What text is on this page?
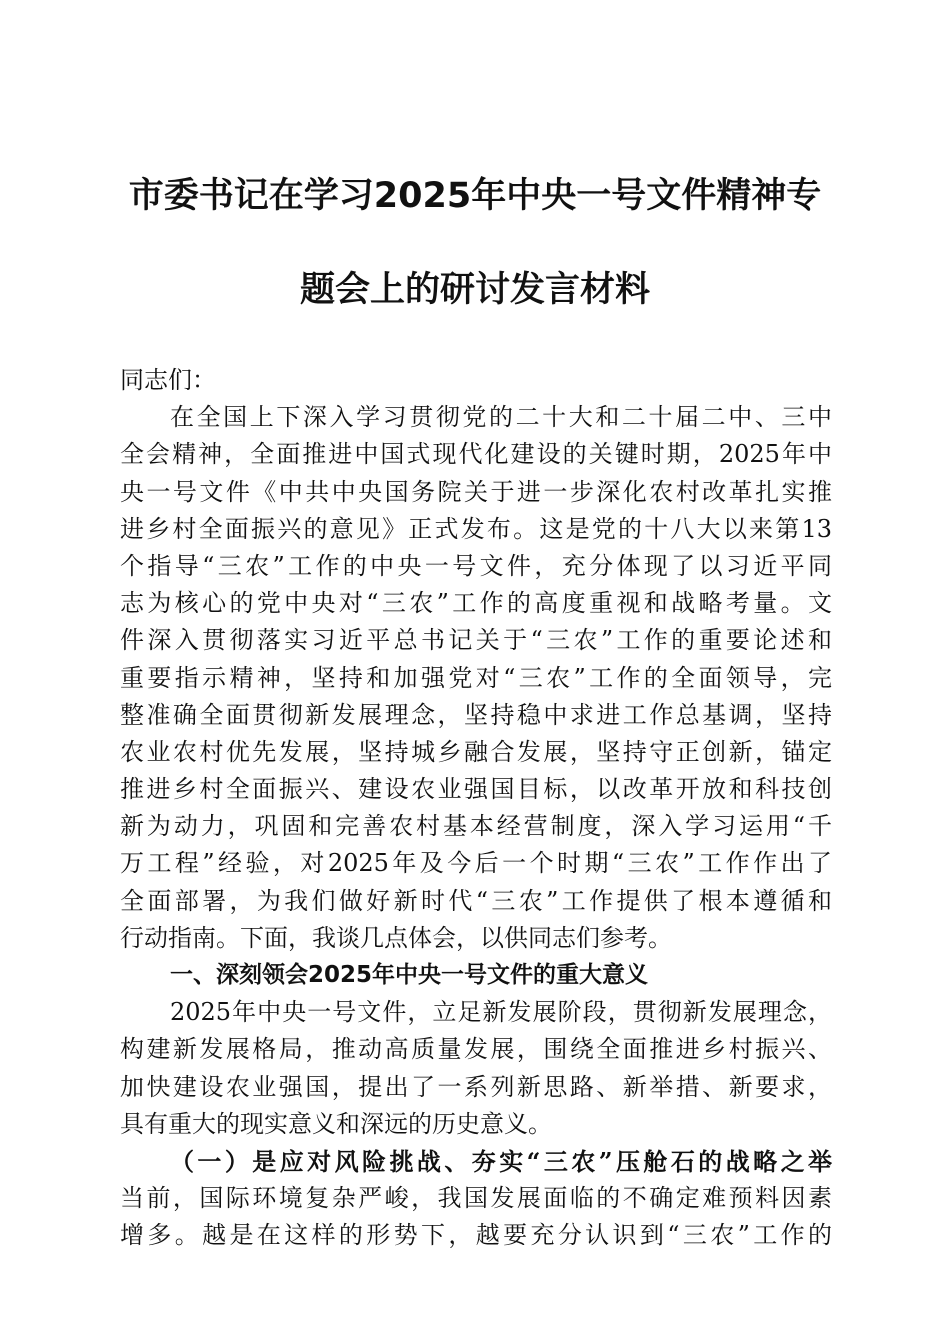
市委书记在学习2025年中央一号文件精神专
题会上的研讨发言材料
同志们：
在全国上下深入学习贯彻党的二十大和二十届二中、三中
全会精神，全面推进中国式现代化建设的关键时期，2025年中
央一号文件《中共中央国务院关于进一步深化农村改革扎实推
进乡村全面振兴的意见》正式发布。这是党的十八大以来第13
个指导“三农”工作的中央一号文件，充分体现了以习近平同
志为核心的党中央对“三农”工作的高度重视和战略考量。文
件深入贯彻落实习近平总书记关于“三农”工作的重要论述和
重要指示精神，坚持和加强党对“三农”工作的全面领导，完
整准确全面贯彻新发展理念，坚持稳中求进工作总基调，坚持
农业农村优先发展，坚持城乡融合发展，坚持守正创新，锚定
推进乡村全面振兴、建设农业强国目标，以改革开放和科技创
新为动力，巩固和完善农村基本经营制度，深入学习运用“千
万工程”经验，对2025年及今后一个时期“三农”工作作出了
全面部署，为我们做好新时代“三农”工作提供了根本遵循和
行动指南。下面，我谈几点体会，以供同志们参考。
一、深刻领会2025年中央一号文件的重大意义
2025年中央一号文件，立足新发展阶段，贯彻新发展理念，
构建新发展格局，推动高质量发展，围绕全面推进乡村振兴、
加快建设农业强国，提出了一系列新思路、新举措、新要求，
具有重大的现实意义和深远的历史意义。
（一）是应对风险挑战、夯实“三农”压舱石的战略之举
当前，国际环境复杂严峻，我国发展面临的不确定难预料因素
增多。越是在这样的形势下，越要充分认识到“三农”工作的
